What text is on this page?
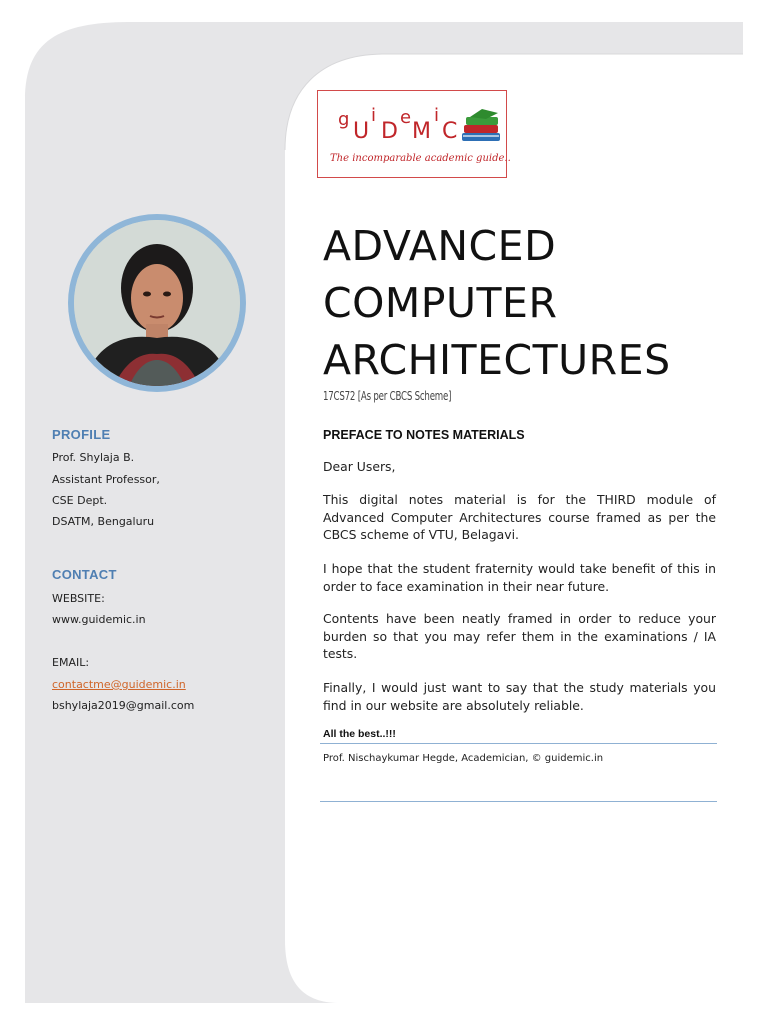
g U
i
D
e
M
i
C
The incomparable academic guide..
PROFILE
Prof. Shylaja B.
Assistant Professor,
CSE Dept.
DSATM, Bengaluru
CONTACT
WEBSITE:
www.guidemic.in
EMAIL:
contactme@guidemic.in
bshylaja2019@gmail.com
ADVANCED
COMPUTER
ARCHITECTURES
17CS72 [As per CBCS Scheme]
PREFACE TO NOTES MATERIALS

Dear Users,

This digital notes material is for the THIRD module of Advanced Computer Architectures course framed as per the CBCS scheme of VTU, Belagavi.

I hope that the student fraternity would take benefit of this in order to face examination in their near future.

Contents have been neatly framed in order to reduce your burden so that you may refer them in the examinations / IA tests.

Finally, I would just want to say that the study materials you find in our website are absolutely reliable.

All the best..!!!
Prof. Nischaykumar Hegde, Academician, © guidemic.in
